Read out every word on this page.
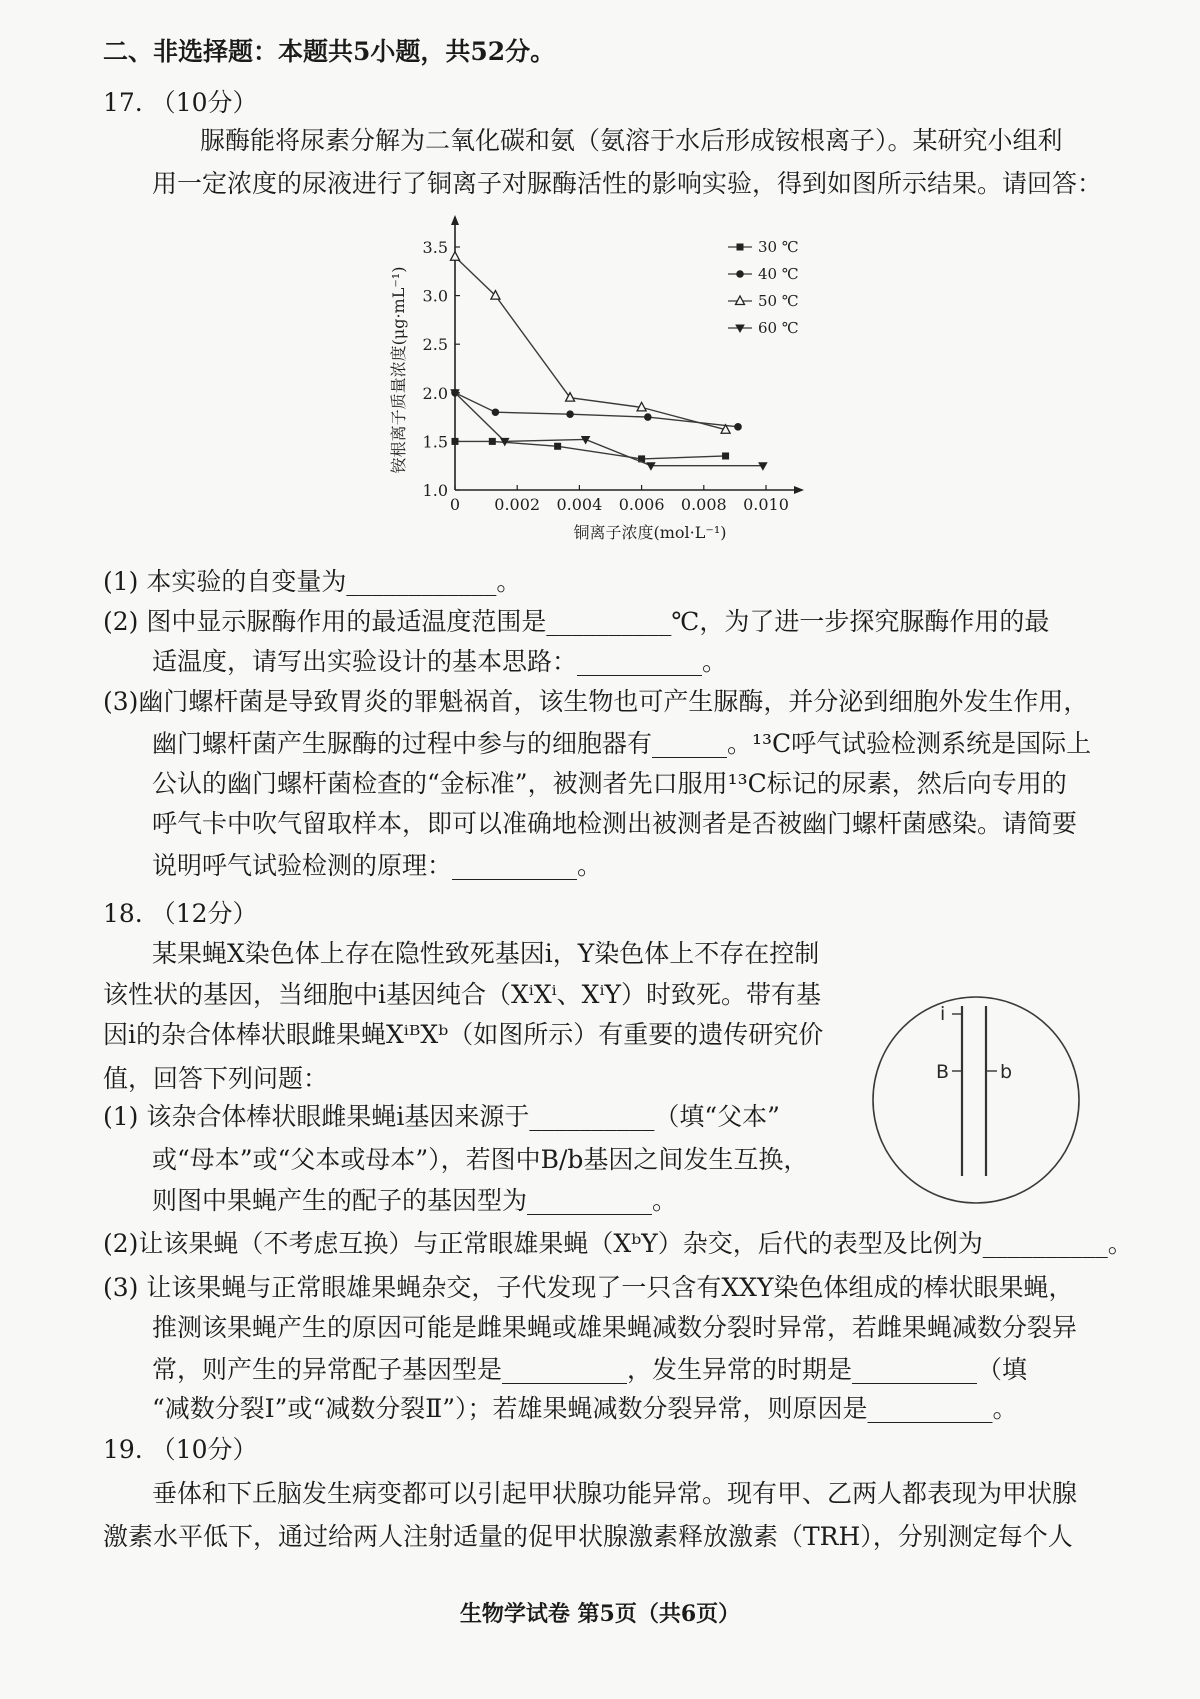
二、非选择题：本题共5小题，共52分。
17. （10分）
脲酶能将尿素分解为二氧化碳和氨（氨溶于水后形成铵根离子）。某研究小组利
用一定浓度的尿液进行了铜离子对脲酶活性的影响实验，得到如图所示结果。请回答：
铜离子浓度(mol·L⁻¹)
铵根离子质量浓度(μg·mL⁻¹)
0 0.002 0.004 0.006 0.008 0.010
1.0
1.5
2.0
2.5
3.0
3.5	30 ℃
40 ℃
50 ℃
60 ℃
(1) 本实验的自变量为____________。
(2) 图中显示脲酶作用的最适温度范围是__________℃，为了进一步探究脲酶作用的最
适温度，请写出实验设计的基本思路：__________。
(3)幽门螺杆菌是导致胃炎的罪魁祸首，该生物也可产生脲酶，并分泌到细胞外发生作用，
幽门螺杆菌产生脲酶的过程中参与的细胞器有______。¹³C呼气试验检测系统是国际上
公认的幽门螺杆菌检查的“金标准”，被测者先口服用¹³C标记的尿素，然后向专用的
呼气卡中吹气留取样本，即可以准确地检测出被测者是否被幽门螺杆菌感染。请简要
说明呼气试验检测的原理：__________。
18. （12分）
某果蝇X染色体上存在隐性致死基因i，Y染色体上不存在控制
该性状的基因，当细胞中i基因纯合（XⁱXⁱ、XⁱY）时致死。带有基
因i的杂合体棒状眼雌果蝇XⁱᴮXᵇ（如图所示）有重要的遗传研究价
值，回答下列问题：
i
B	b
(1) 该杂合体棒状眼雌果蝇i基因来源于__________（填“父本”
或“母本”或“父本或母本”），若图中B/b基因之间发生互换，
则图中果蝇产生的配子的基因型为__________。
(2)让该果蝇（不考虑互换）与正常眼雄果蝇（XᵇY）杂交，后代的表型及比例为__________。
(3) 让该果蝇与正常眼雄果蝇杂交，子代发现了一只含有XXY染色体组成的棒状眼果蝇，
推测该果蝇产生的原因可能是雌果蝇或雄果蝇减数分裂时异常，若雌果蝇减数分裂异
常，则产生的异常配子基因型是__________，发生异常的时期是__________（填
“减数分裂Ⅰ”或“减数分裂Ⅱ”）；若雄果蝇减数分裂异常，则原因是__________。
19. （10分）
垂体和下丘脑发生病变都可以引起甲状腺功能异常。现有甲、乙两人都表现为甲状腺
激素水平低下，通过给两人注射适量的促甲状腺激素释放激素（TRH），分别测定每个人
生物学试卷 第5页（共6页）
